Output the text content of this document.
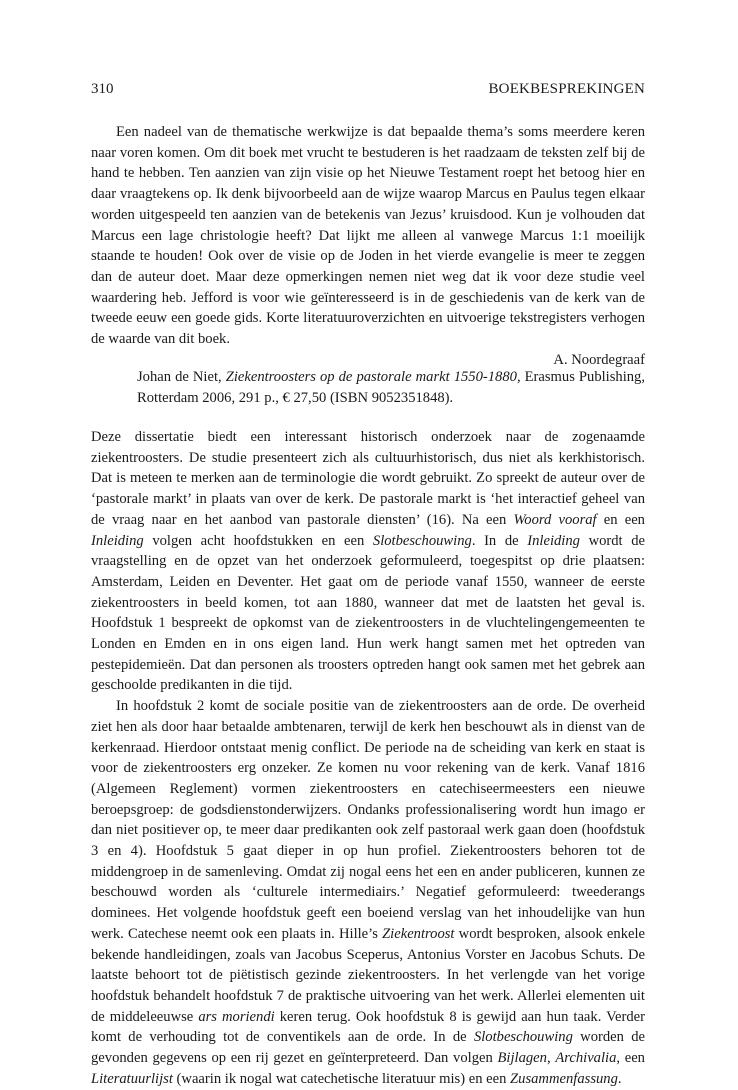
310	BOEKBESPREKINGEN

Een nadeel van de thematische werkwijze is dat bepaalde thema’s soms meerdere keren naar voren komen. Om dit boek met vrucht te bestuderen is het raadzaam de teksten zelf bij de hand te hebben. Ten aanzien van zijn visie op het Nieuwe Testament roept het betoog hier en daar vraagtekens op. Ik denk bijvoorbeeld aan de wijze waarop Marcus en Paulus tegen elkaar worden uitgespeeld ten aanzien van de betekenis van Jezus’ kruisdood. Kun je volhouden dat Marcus een lage christologie heeft? Dat lijkt me alleen al vanwege Marcus 1:1 moeilijk staande te houden! Ook over de visie op de Joden in het vierde evangelie is meer te zeggen dan de auteur doet. Maar deze opmerkingen nemen niet weg dat ik voor deze studie veel waardering heb. Jefford is voor wie geïnteresseerd is in de geschiedenis van de kerk van de tweede eeuw een goede gids. Korte literatuuroverzichten en uitvoerige tekstregisters verhogen de waarde van dit boek.

A. Noordegraaf

Johan de Niet, Ziekentroosters op de pastorale markt 1550-1880, Erasmus Publishing, Rotterdam 2006, 291 p., € 27,50 (ISBN 9052351848).

Deze dissertatie biedt een interessant historisch onderzoek naar de zogenaamde ziekentroosters. De studie presenteert zich als cultuurhistorisch, dus niet als kerkhistorisch. Dat is meteen te merken aan de terminologie die wordt gebruikt. Zo spreekt de auteur over de ‘pastorale markt’ in plaats van over de kerk. De pastorale markt is ‘het interactief geheel van de vraag naar en het aanbod van pastorale diensten’ (16). Na een Woord vooraf en een Inleiding volgen acht hoofdstukken en een Slotbeschouwing. In de Inleiding wordt de vraagstelling en de opzet van het onderzoek geformuleerd, toegespitst op drie plaatsen: Amsterdam, Leiden en Deventer. Het gaat om de periode vanaf 1550, wanneer de eerste ziekentroosters in beeld komen, tot aan 1880, wanneer dat met de laatsten het geval is. Hoofdstuk 1 bespreekt de opkomst van de ziekentroosters in de vluchtelingengemeenten te Londen en Emden en in ons eigen land. Hun werk hangt samen met het optreden van pestepidemieën. Dat dan personen als troosters optreden hangt ook samen met het gebrek aan geschoolde predikanten in die tijd.

In hoofdstuk 2 komt de sociale positie van de ziekentroosters aan de orde. De overheid ziet hen als door haar betaalde ambtenaren, terwijl de kerk hen beschouwt als in dienst van de kerkenraad. Hierdoor ontstaat menig conflict. De periode na de scheiding van kerk en staat is voor de ziekentroosters erg onzeker. Ze komen nu voor rekening van de kerk. Vanaf 1816 (Algemeen Reglement) vormen ziekentroosters en catechiseermeesters een nieuwe beroepsgroep: de godsdienstonderwijzers. Ondanks professionalisering wordt hun imago er dan niet positiever op, te meer daar predikanten ook zelf pastoraal werk gaan doen (hoofdstuk 3 en 4). Hoofdstuk 5 gaat dieper in op hun profiel. Ziekentroosters behoren tot de middengroep in de samenleving. Omdat zij nogal eens het een en ander publiceren, kunnen ze beschouwd worden als ‘culturele intermediairs.’ Negatief geformuleerd: tweederangs dominees. Het volgende hoofdstuk geeft een boeiend verslag van het inhoudelijke van hun werk. Catechese neemt ook een plaats in. Hille’s Ziekentroost wordt besproken, alsook enkele bekende handleidingen, zoals van Jacobus Sceperus, Antonius Vorster en Jacobus Schuts. De laatste behoort tot de piëtistisch gezinde ziekentroosters. In het verlengde van het vorige hoofdstuk behandelt hoofdstuk 7 de praktische uitvoering van het werk. Allerlei elementen uit de middeleeuwse ars moriendi keren terug. Ook hoofdstuk 8 is gewijd aan hun taak. Verder komt de verhouding tot de conventikels aan de orde. In de Slotbeschouwing worden de gevonden gegevens op een rij gezet en geïnterpreteerd. Dan volgen Bijlagen, Archivalia, een Literatuurlijst (waarin ik nogal wat catechetische literatuur mis) en een Zusammenfassung.
